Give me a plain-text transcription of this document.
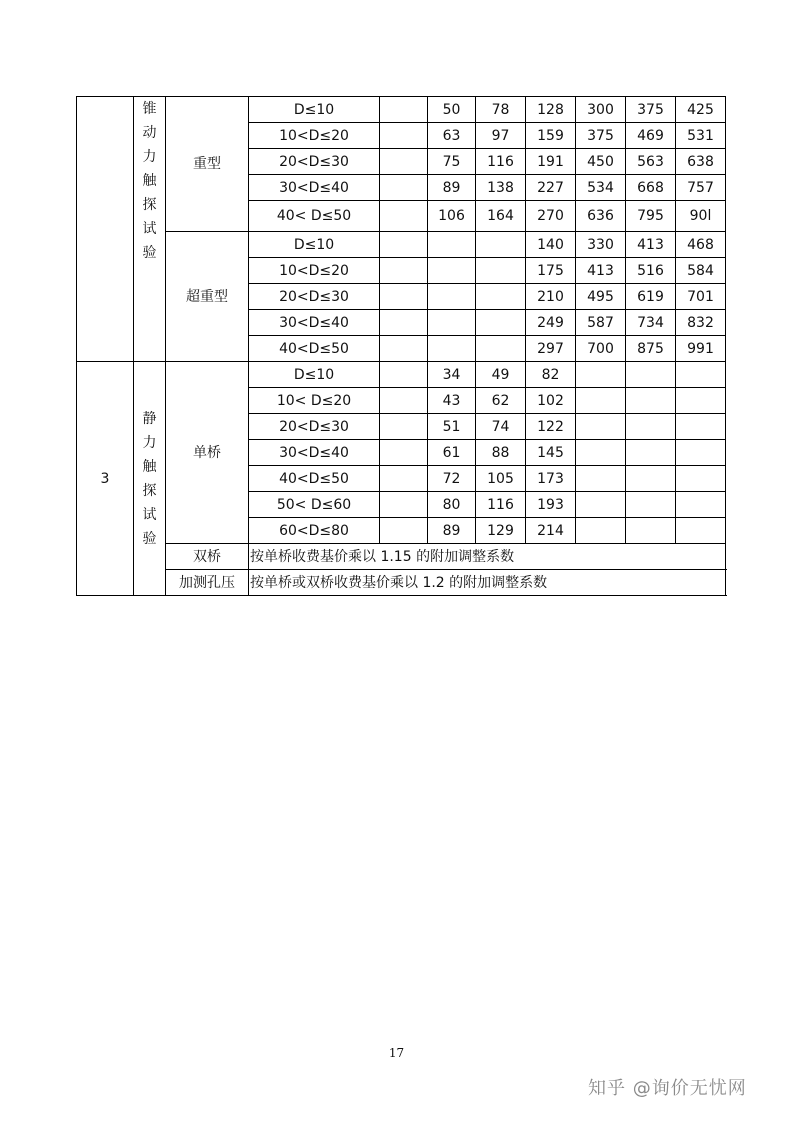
	锥动力触探试验	重型	D≤10		50	78	128	300	375	425
			10<D≤20		63	97	159	375	469	531
			20<D≤30		75	116	191	450	563	638
			30<D≤40		89	138	227	534	668	757
			40< D≤50		106	164	270	636	795	90l
		超重型	D≤10				140	330	413	468
			10<D≤20				175	413	516	584
			20<D≤30				210	495	619	701
			30<D≤40				249	587	734	832
			40<D≤50				297	700	875	991
3	静力触探试验	单桥	D≤10		34	49	82			
			10< D≤20		43	62	102			
			20<D≤30		51	74	122			
			30<D≤40		61	88	145			
			40<D≤50		72	105	173			
			50< D≤60		80	116	193			
			60<D≤80		89	129	214			
		双桥	按单桥收费基价乘以 1.15 的附加调整系数							
		加测孔压	按单桥或双桥收费基价乘以 1.2 的附加调整系数							
17
知乎 @询价无忧网
